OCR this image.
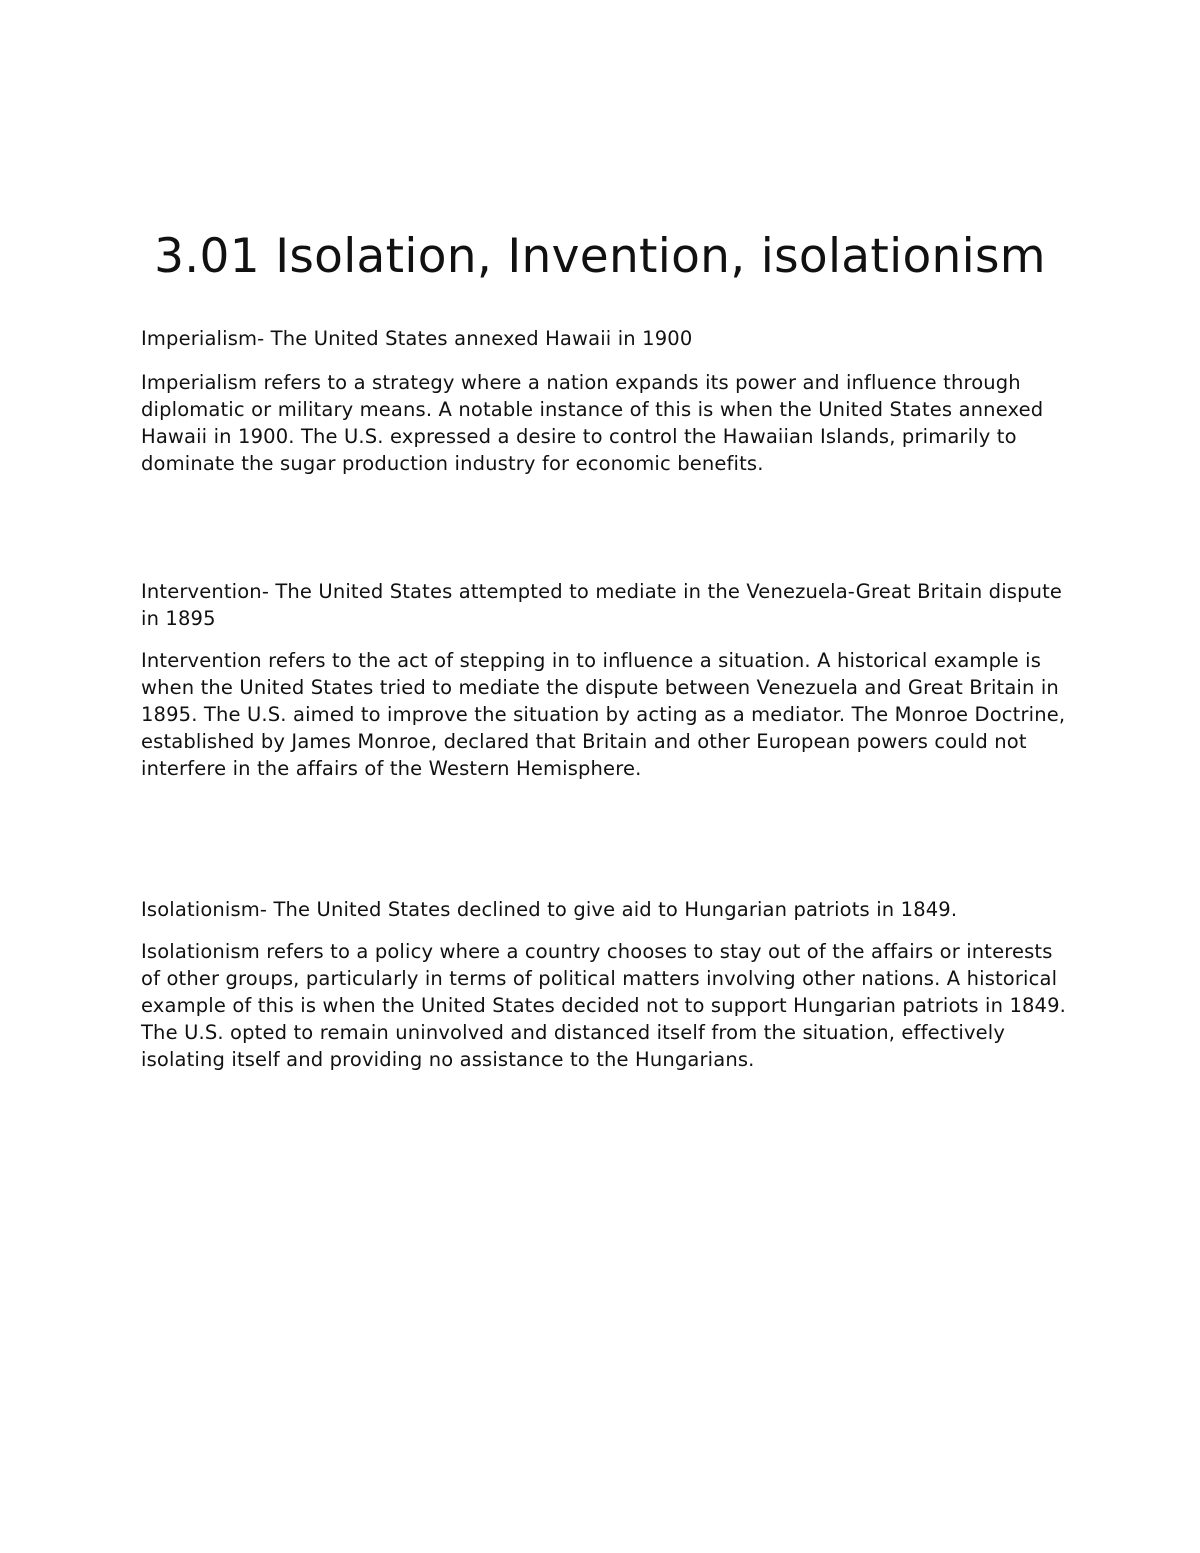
3.01 Isolation, Invention, isolationism

Imperialism- The United States annexed Hawaii in 1900

Imperialism refers to a strategy where a nation expands its power and influence through diplomatic or military means. A notable instance of this is when the United States annexed Hawaii in 1900. The U.S. expressed a desire to control the Hawaiian Islands, primarily to dominate the sugar production industry for economic benefits.

Intervention- The United States attempted to mediate in the Venezuela-Great Britain dispute in 1895

Intervention refers to the act of stepping in to influence a situation. A historical example is when the United States tried to mediate the dispute between Venezuela and Great Britain in 1895. The U.S. aimed to improve the situation by acting as a mediator. The Monroe Doctrine, established by James Monroe, declared that Britain and other European powers could not interfere in the affairs of the Western Hemisphere.

Isolationism- The United States declined to give aid to Hungarian patriots in 1849.

Isolationism refers to a policy where a country chooses to stay out of the affairs or interests of other groups, particularly in terms of political matters involving other nations. A historical example of this is when the United States decided not to support Hungarian patriots in 1849. The U.S. opted to remain uninvolved and distanced itself from the situation, effectively isolating itself and providing no assistance to the Hungarians.
